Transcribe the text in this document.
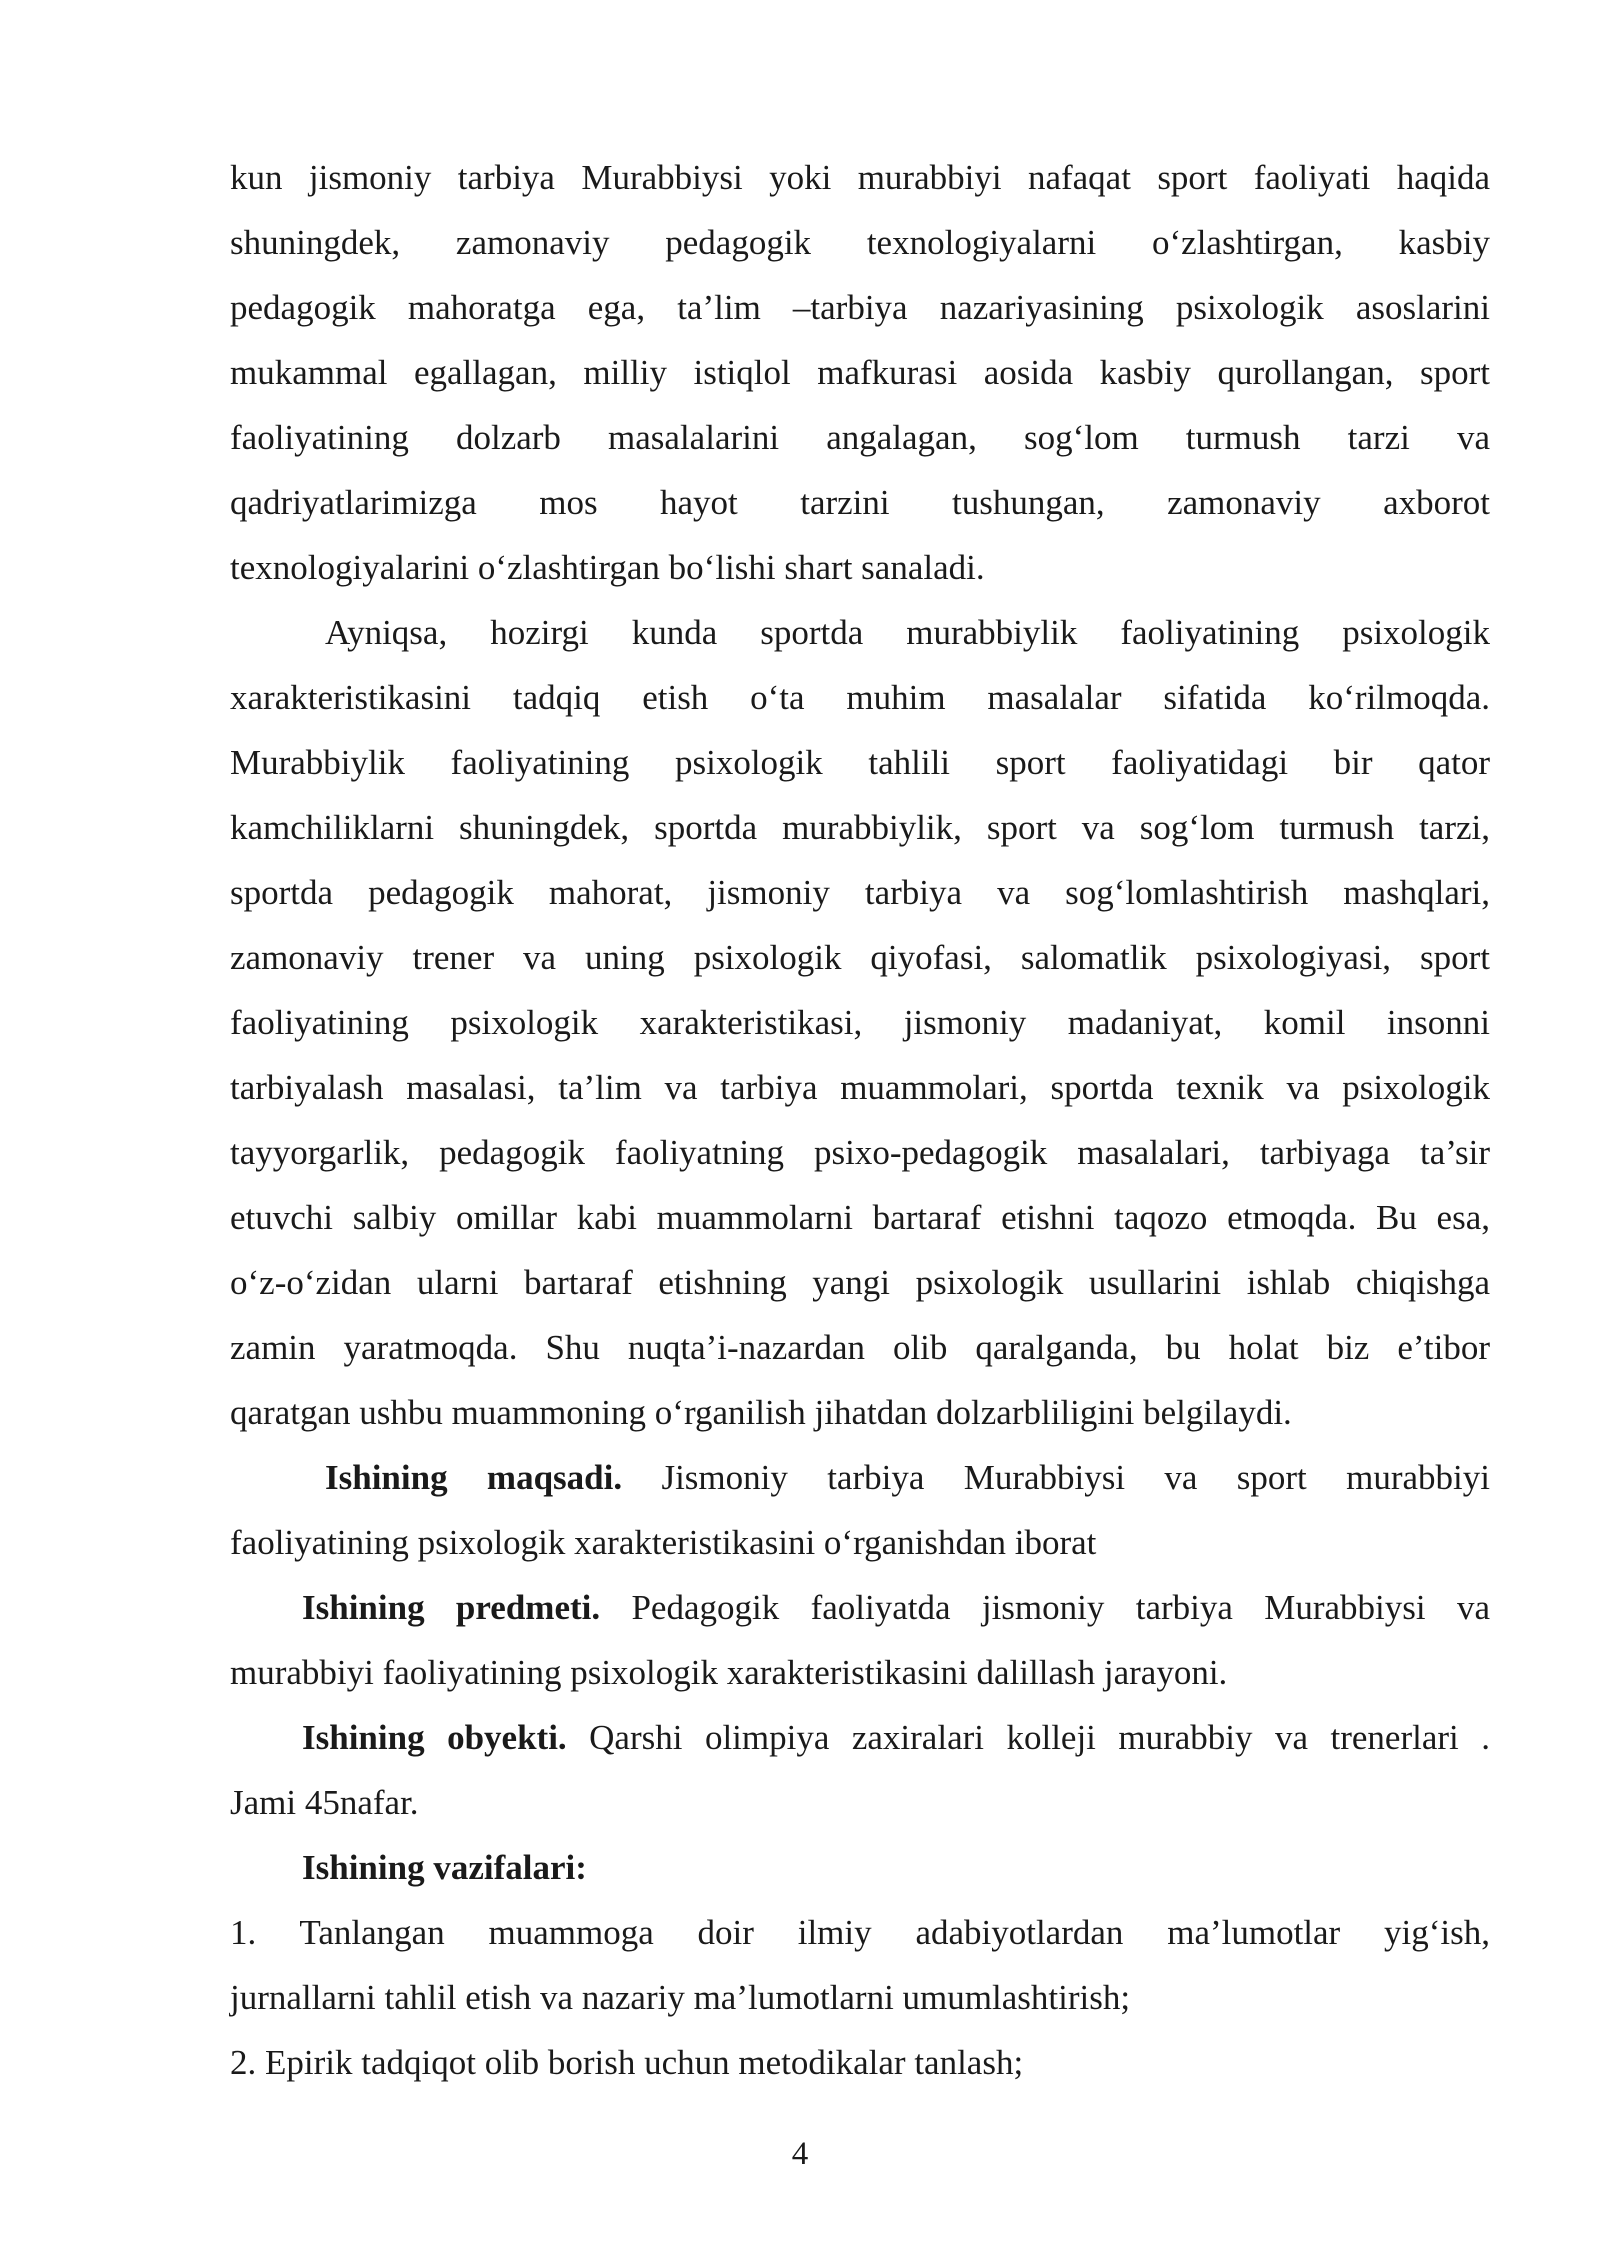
kun jismoniy tarbiya Murabbiysi yoki murabbiyi nafaqat sport faoliyati haqida
shuningdek, zamonaviy pedagogik texnologiyalarni o‘zlashtirgan, kasbiy
pedagogik mahoratga ega, ta’lim –tarbiya nazariyasining psixologik asoslarini
mukammal egallagan, milliy istiqlol mafkurasi aosida kasbiy qurollangan, sport
faoliyatining dolzarb masalalarini angalagan, sog‘lom turmush tarzi va
qadriyatlarimizga mos hayot tarzini tushungan, zamonaviy axborot
texnologiyalarini o‘zlashtirgan bo‘lishi shart sanaladi.
Ayniqsa, hozirgi kunda sportda murabbiylik faoliyatining psixologik
xarakteristikasini tadqiq etish o‘ta muhim masalalar sifatida ko‘rilmoqda.
Murabbiylik faoliyatining psixologik tahlili sport faoliyatidagi bir qator
kamchiliklarni shuningdek, sportda murabbiylik, sport va sog‘lom turmush tarzi,
sportda pedagogik mahorat, jismoniy tarbiya va sog‘lomlashtirish mashqlari,
zamonaviy trener va uning psixologik qiyofasi, salomatlik psixologiyasi, sport
faoliyatining psixologik xarakteristikasi, jismoniy madaniyat, komil insonni
tarbiyalash masalasi, ta’lim va tarbiya muammolari, sportda texnik va psixologik
tayyorgarlik, pedagogik faoliyatning psixo-pedagogik masalalari, tarbiyaga ta’sir
etuvchi salbiy omillar kabi muammolarni bartaraf etishni taqozo etmoqda. Bu esa,
o‘z-o‘zidan ularni bartaraf etishning yangi psixologik usullarini ishlab chiqishga
zamin yaratmoqda. Shu nuqta’i-nazardan olib qaralganda, bu holat biz e’tibor
qaratgan ushbu muammoning o‘rganilish jihatdan dolzarbliligini belgilaydi.
Ishining maqsadi. Jismoniy tarbiya Murabbiysi va sport murabbiyi
faoliyatining psixologik xarakteristikasini o‘rganishdan iborat
Ishining predmeti. Pedagogik faoliyatda jismoniy tarbiya Murabbiysi va
murabbiyi faoliyatining psixologik xarakteristikasini dalillash jarayoni.
Ishining obyekti. Qarshi olimpiya zaxiralari kolleji murabbiy va trenerlari .
Jami 45nafar.
Ishining vazifalari:
1. Tanlangan muammoga doir ilmiy adabiyotlardan ma’lumotlar yig‘ish,
jurnallarni tahlil etish va nazariy ma’lumotlarni umumlashtirish;
2. Epirik tadqiqot olib borish uchun metodikalar tanlash;
4
